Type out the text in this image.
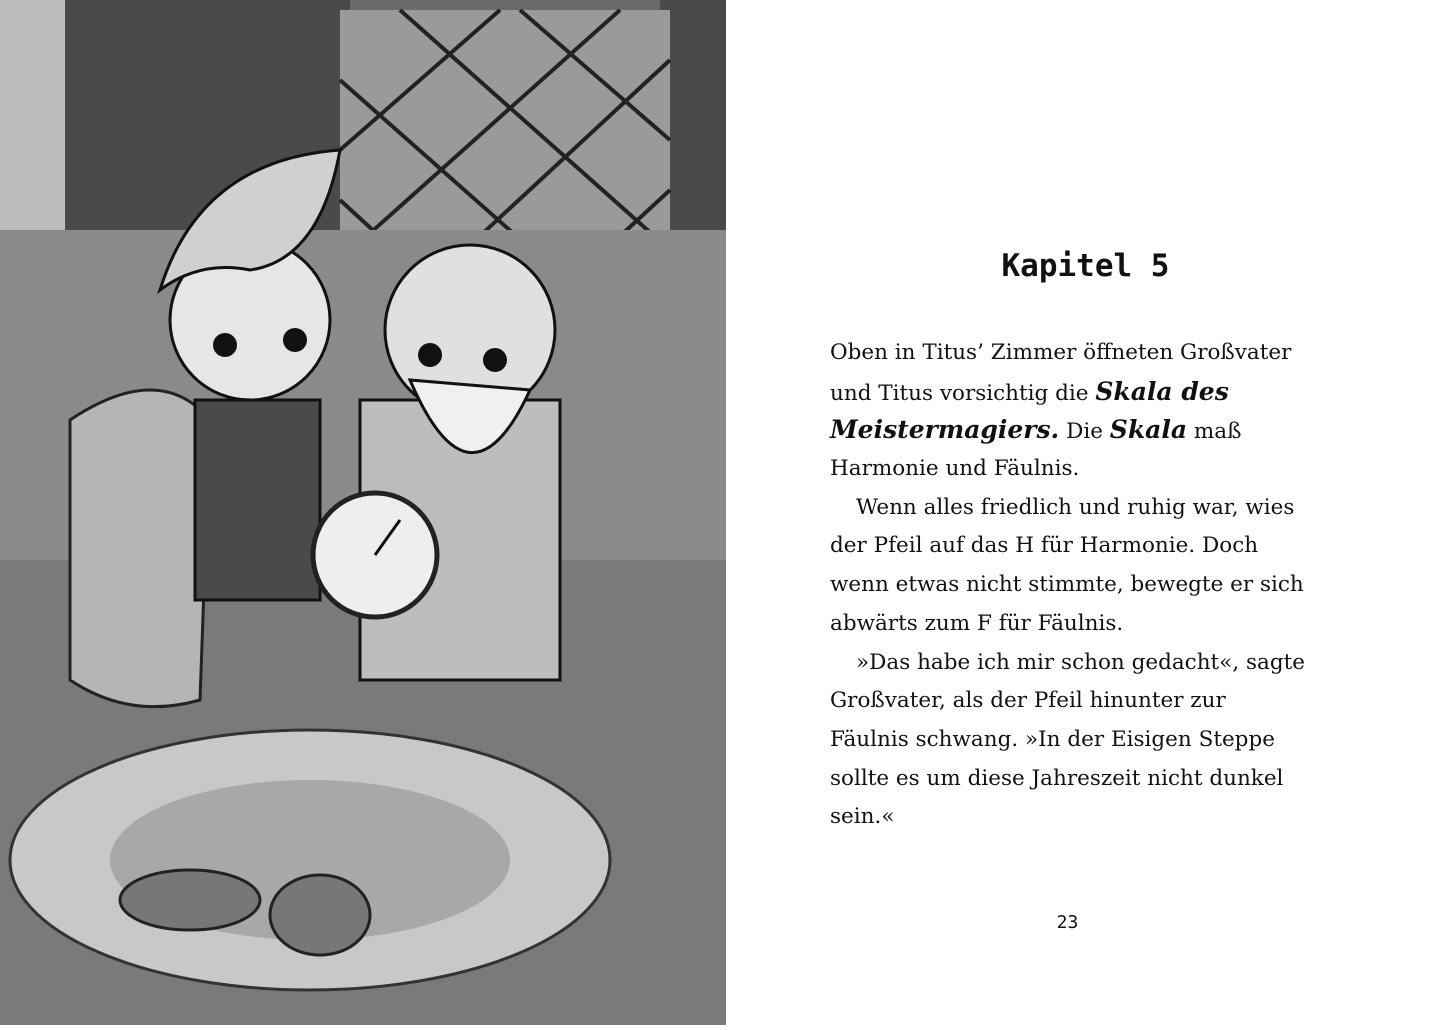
Kapitel 5
Oben in Titus’ Zimmer öffneten Großvater
und Titus vorsichtig die Skala des
Meistermagiers. Die Skala maß
Harmonie und Fäulnis.
Wenn alles friedlich und ruhig war, wies
der Pfeil auf das H für Harmonie. Doch
wenn etwas nicht stimmte, bewegte er sich
abwärts zum F für Fäulnis.
»Das habe ich mir schon gedacht«, sagte
Großvater, als der Pfeil hinunter zur
Fäulnis schwang. »In der Eisigen Steppe
sollte es um diese Jahreszeit nicht dunkel
sein.«
23
